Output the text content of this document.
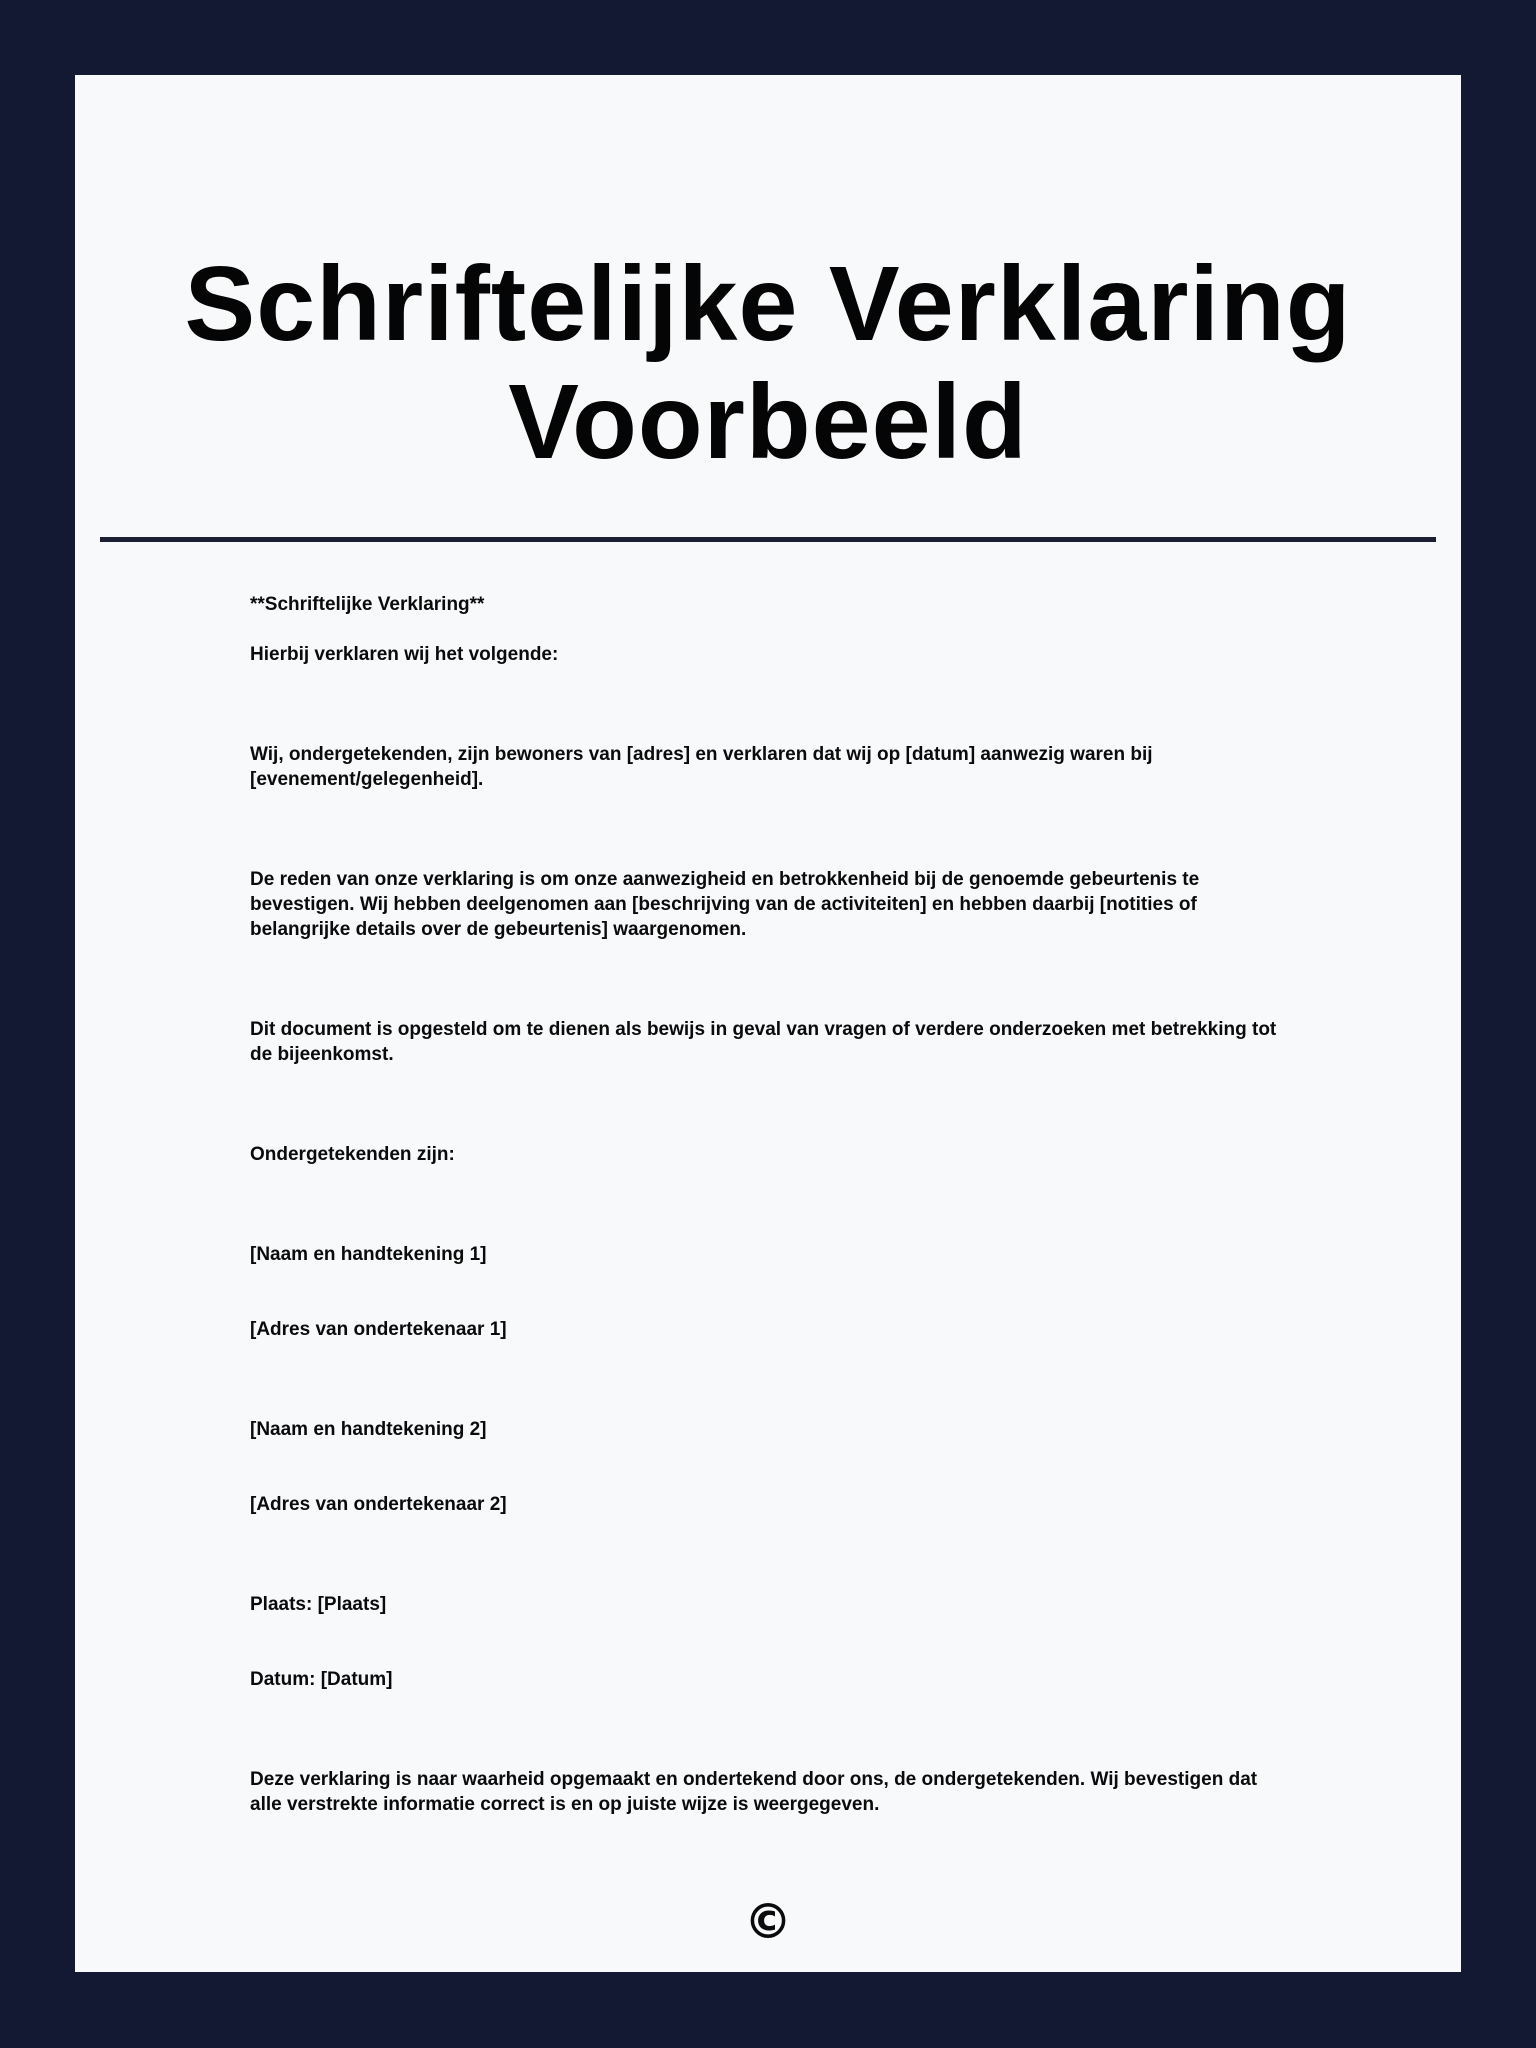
Schriftelijke Verklaring
Voorbeeld

**Schriftelijke Verklaring**

Hierbij verklaren wij het volgende:

Wij, ondergetekenden, zijn bewoners van [adres] en verklaren dat wij op [datum] aanwezig waren bij [evenement/gelegenheid].

De reden van onze verklaring is om onze aanwezigheid en betrokkenheid bij de genoemde gebeurtenis te bevestigen. Wij hebben deelgenomen aan [beschrijving van de activiteiten] en hebben daarbij [notities of belangrijke details over de gebeurtenis] waargenomen.

Dit document is opgesteld om te dienen als bewijs in geval van vragen of verdere onderzoeken met betrekking tot de bijeenkomst.

Ondergetekenden zijn:

[Naam en handtekening 1]

[Adres van ondertekenaar 1]

[Naam en handtekening 2]

[Adres van ondertekenaar 2]

Plaats: [Plaats]

Datum: [Datum]

Deze verklaring is naar waarheid opgemaakt en ondertekend door ons, de ondergetekenden. Wij bevestigen dat alle verstrekte informatie correct is en op juiste wijze is weergegeven.

©
